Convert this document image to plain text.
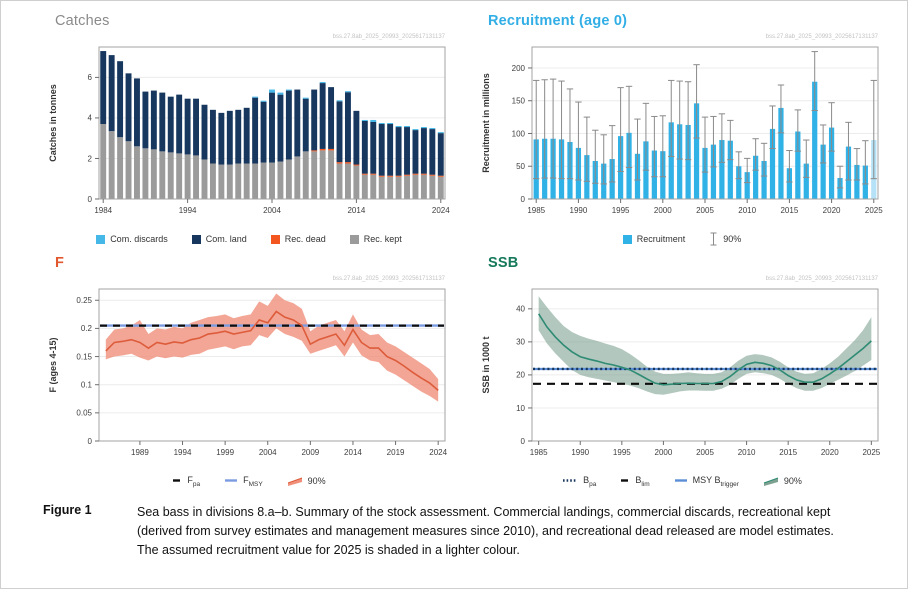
Catches
bss.27.8ab_2025_20993_2025617131137
0
2
4
6
1984	1994	2004	2014	2024
Catches in tonnes
Com. discards	Com. land	Rec. dead	Rec. kept
Recruitment (age 0)
bss.27.8ab_2025_20993_2025617131137
0
50
100
150
200
1985	1990	1995	2000	2005	2010	2015	2020	2025
Recruitment in millions
Recruitment	90%
F
bss.27.8ab_2025_20993_2025617131137
0
0.05
0.1
0.15
0.2
0.25
1989	1994	1999	2004	2009	2014	2019	2024
F (ages 4-15)
$F_{pa}$	$F_{MSY}$	90%
SSB
bss.27.8ab_2025_20993_2025617131137
0
10
20
30
40
1985	1990	1995	2000	2005	2010	2015	2020	2025
SSB in 1000 t
$B_{pa}$	$B_{lim}$	MSY $B_{trigger}$	90%
Figure 1	Sea bass in divisions 8.a–b. Summary of the stock assessment. Commercial landings, commercial discards, recreational kept (derived from survey estimates and management measures since 2010), and recreational dead released are model estimates. The assumed recruitment value for 2025 is shaded in a lighter colour.
